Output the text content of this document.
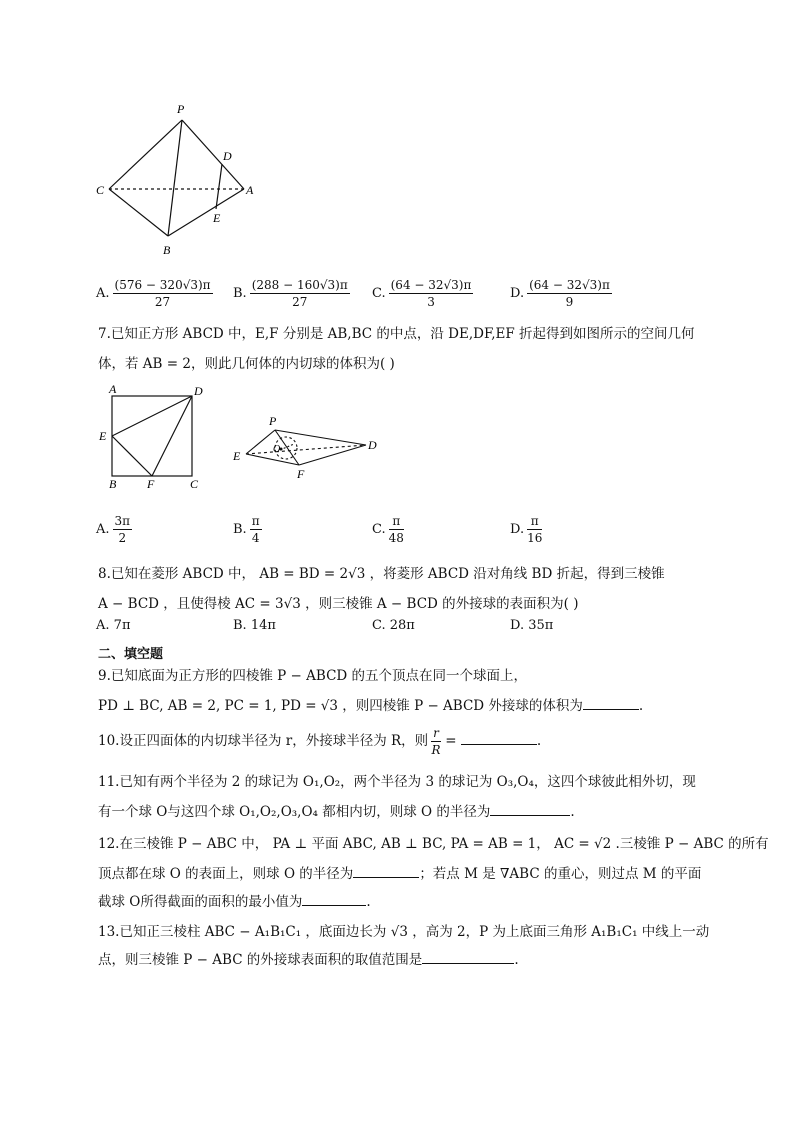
P
C	A
B
D
E
A. $\frac{(576 - 320√3)\pi}{27} B$. $\frac{(288 - 160√3)\pi}{27} C$. $\frac{(64 - 32√3)\pi}{3}$	D. $\frac{(64 - 32√3)\pi}{9}$
7.已知正方形 ABCD 中，E,F 分别是 AB,BC 的中点，沿 DE,DF,EF 折起得到如图所示的空间几何
体，若 AB = 2，则此几何体的内切球的体积为( )
A	D
E
B	F	C
P
O
E
D
F
A. $\frac{3\pi}{2}$	B. $\frac{\pi}{4}$	C. $\frac{\pi}{48}$	D. $\frac{\pi}{16}$
8.已知在菱形 ABCD 中， AB = BD = 2√3 ，将菱形 ABCD 沿对角线 BD 折起，得到三棱锥
A − BCD ，且使得棱 AC = 3√3 ，则三棱锥 A − BCD 的外接球的表面积为( )
A. 7π	B. 14π	C. 28π	D. 35π
二、填空题
9.已知底面为正方形的四棱锥 P − ABCD 的五个顶点在同一个球面上，
PD ⊥ BC, AB = 2, PC = 1, PD = √3 ，则四棱锥 P − ABCD 外接球的体积为	.
10.设正四面体的内切球半径为 r，外接球半径为 R，则 $\frac{r}{R}$ =	.
11.已知有两个半径为 2 的球记为 O₁,O₂，两个半径为 3 的球记为 O₃,O₄，这四个球彼此相外切，现
有一个球 O与这四个球 O₁,O₂,O₃,O₄ 都相内切，则球 O 的半径为	.
12.在三棱锥 P − ABC 中， PA ⊥ 平面 ABC, AB ⊥ BC, PA = AB = 1， AC = √2 .三棱锥 P − ABC 的所有
顶点都在球 O 的表面上，则球 O 的半径为	；若点 M 是 ∇ABC 的重心，则过点 M 的平面
截球 O所得截面的面积的最小值为	.
13.已知正三棱柱 ABC − A₁B₁C₁ ，底面边长为 √3 ，高为 2，P 为上底面三角形 A₁B₁C₁ 中线上一动
点，则三棱锥 P − ABC 的外接球表面积的取值范围是	.
